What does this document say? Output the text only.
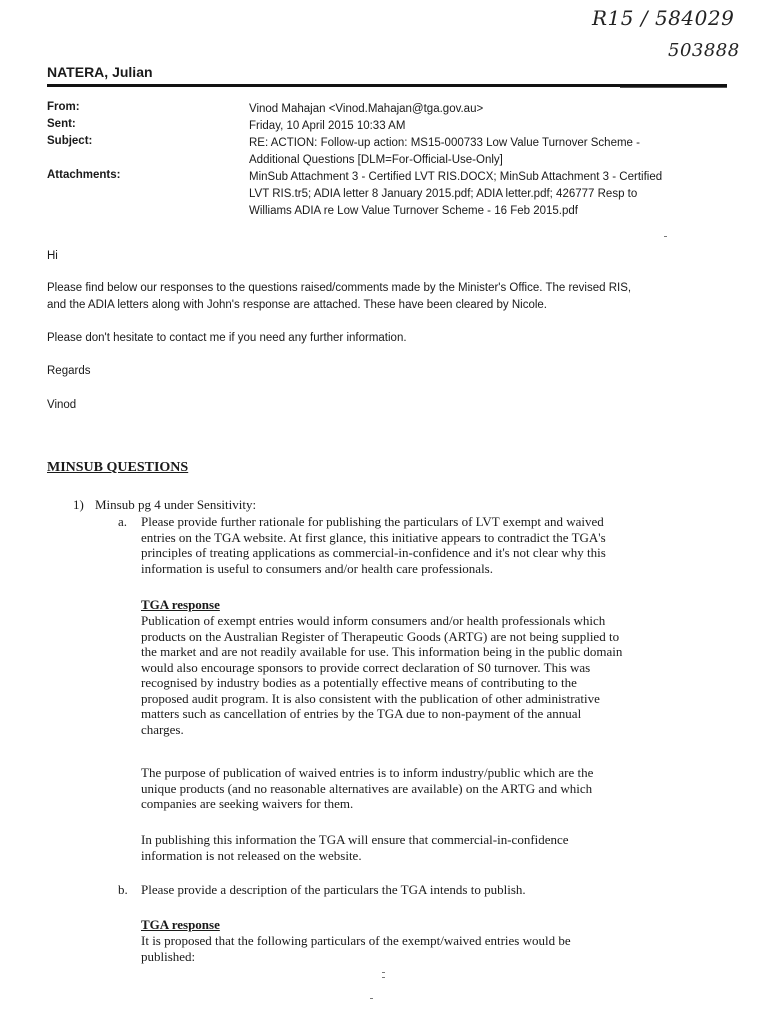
R15 / 584029
503888
NATERA, Julian
From:	Vinod Mahajan <Vinod.Mahajan@tga.gov.au>
Sent:	Friday, 10 April 2015 10:33 AM
Subject:	RE: ACTION: Follow-up action: MS15-000733 Low Value Turnover Scheme -
Additional Questions [DLM=For-Official-Use-Only]
Attachments:	MinSub Attachment 3 - Certified LVT RIS.DOCX; MinSub Attachment 3 - Certified
LVT RIS.tr5; ADIA letter 8 January 2015.pdf; ADIA letter.pdf; 426777 Resp to
Williams ADIA re Low Value Turnover Scheme - 16 Feb 2015.pdf
Hi
Please find below our responses to the questions raised/comments made by the Minister's Office. The revised RIS,
and the ADIA letters along with John's response are attached. These have been cleared by Nicole.
Please don't hesitate to contact me if you need any further information.
Regards
Vinod
MINSUB QUESTIONS
1) Minsub pg 4 under Sensitivity:
a. Please provide further rationale for publishing the particulars of LVT exempt and waived
entries on the TGA website. At first glance, this initiative appears to contradict the TGA's
principles of treating applications as commercial-in-confidence and it's not clear why this
information is useful to consumers and/or health care professionals.
TGA response
Publication of exempt entries would inform consumers and/or health professionals which
products on the Australian Register of Therapeutic Goods (ARTG) are not being supplied to
the market and are not readily available for use. This information being in the public domain
would also encourage sponsors to provide correct declaration of S0 turnover. This was
recognised by industry bodies as a potentially effective means of contributing to the
proposed audit program. It is also consistent with the publication of other administrative
matters such as cancellation of entries by the TGA due to non-payment of the annual
charges.
The purpose of publication of waived entries is to inform industry/public which are the
unique products (and no reasonable alternatives are available) on the ARTG and which
companies are seeking waivers for them.
In publishing this information the TGA will ensure that commercial-in-confidence
information is not released on the website.
b. Please provide a description of the particulars the TGA intends to publish.
TGA response
It is proposed that the following particulars of the exempt/waived entries would be
published:
